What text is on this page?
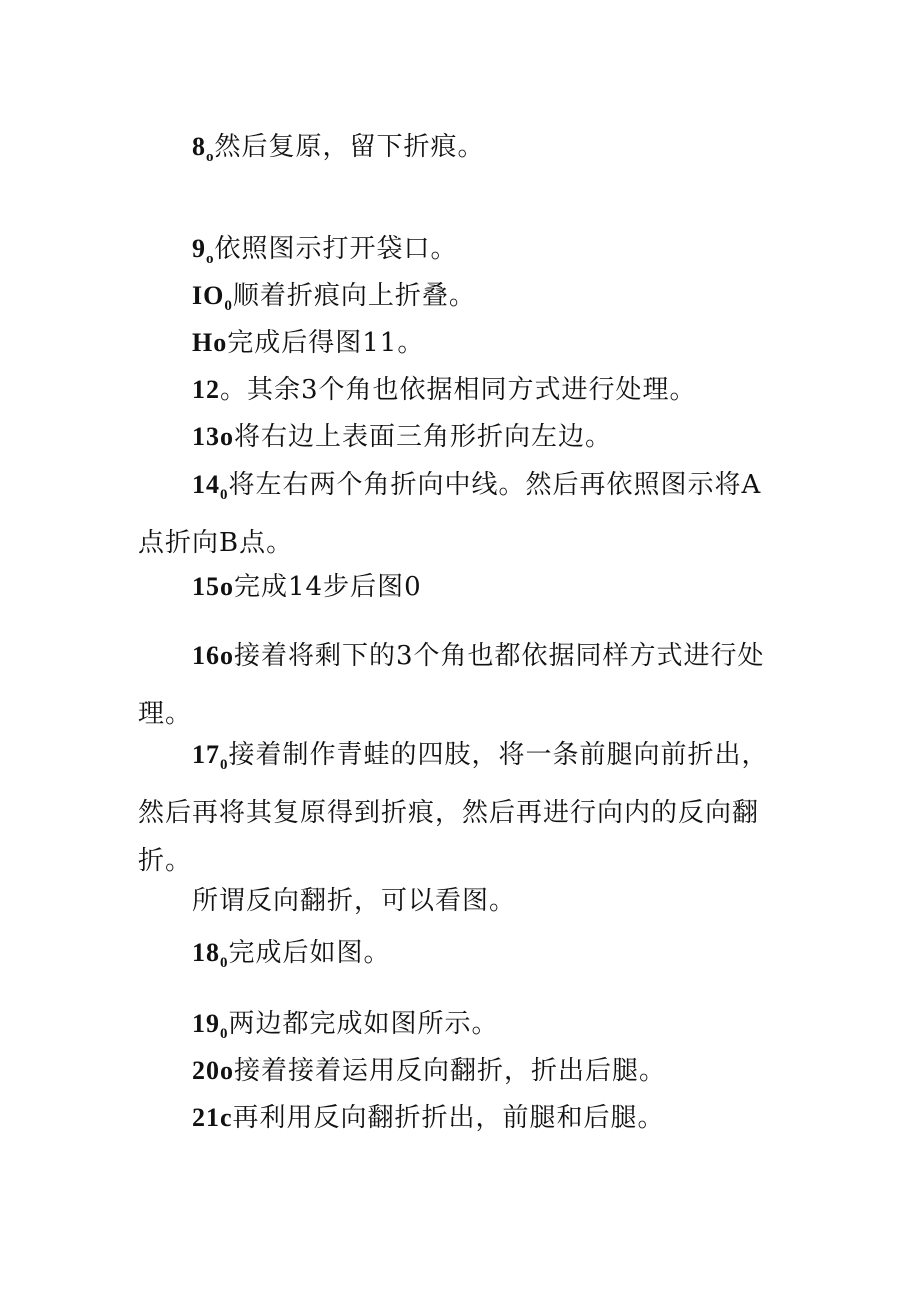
$8_o$然后复原，留下折痕。
$9_o$依照图示打开袋口。
$IO_0$顺着折痕向上折叠。
Ho完成后得图11。
12。其余3个角也依据相同方式进行处理。
13o将右边上表面三角形折向左边。
$14_0$将左右两个角折向中线。然后再依照图示将A点折向B点。
15o完成14步后图0
16o接着将剩下的3个角也都依据同样方式进行处理。
$17_0$接着制作青蛙的四肢，将一条前腿向前折出，然后再将其复原得到折痕，然后再进行向内的反向翻折。
所谓反向翻折，可以看图。
$18_0$完成后如图。
$19_0$两边都完成如图所示。
20o接着接着运用反向翻折，折出后腿。
21c再利用反向翻折折出，前腿和后腿。
